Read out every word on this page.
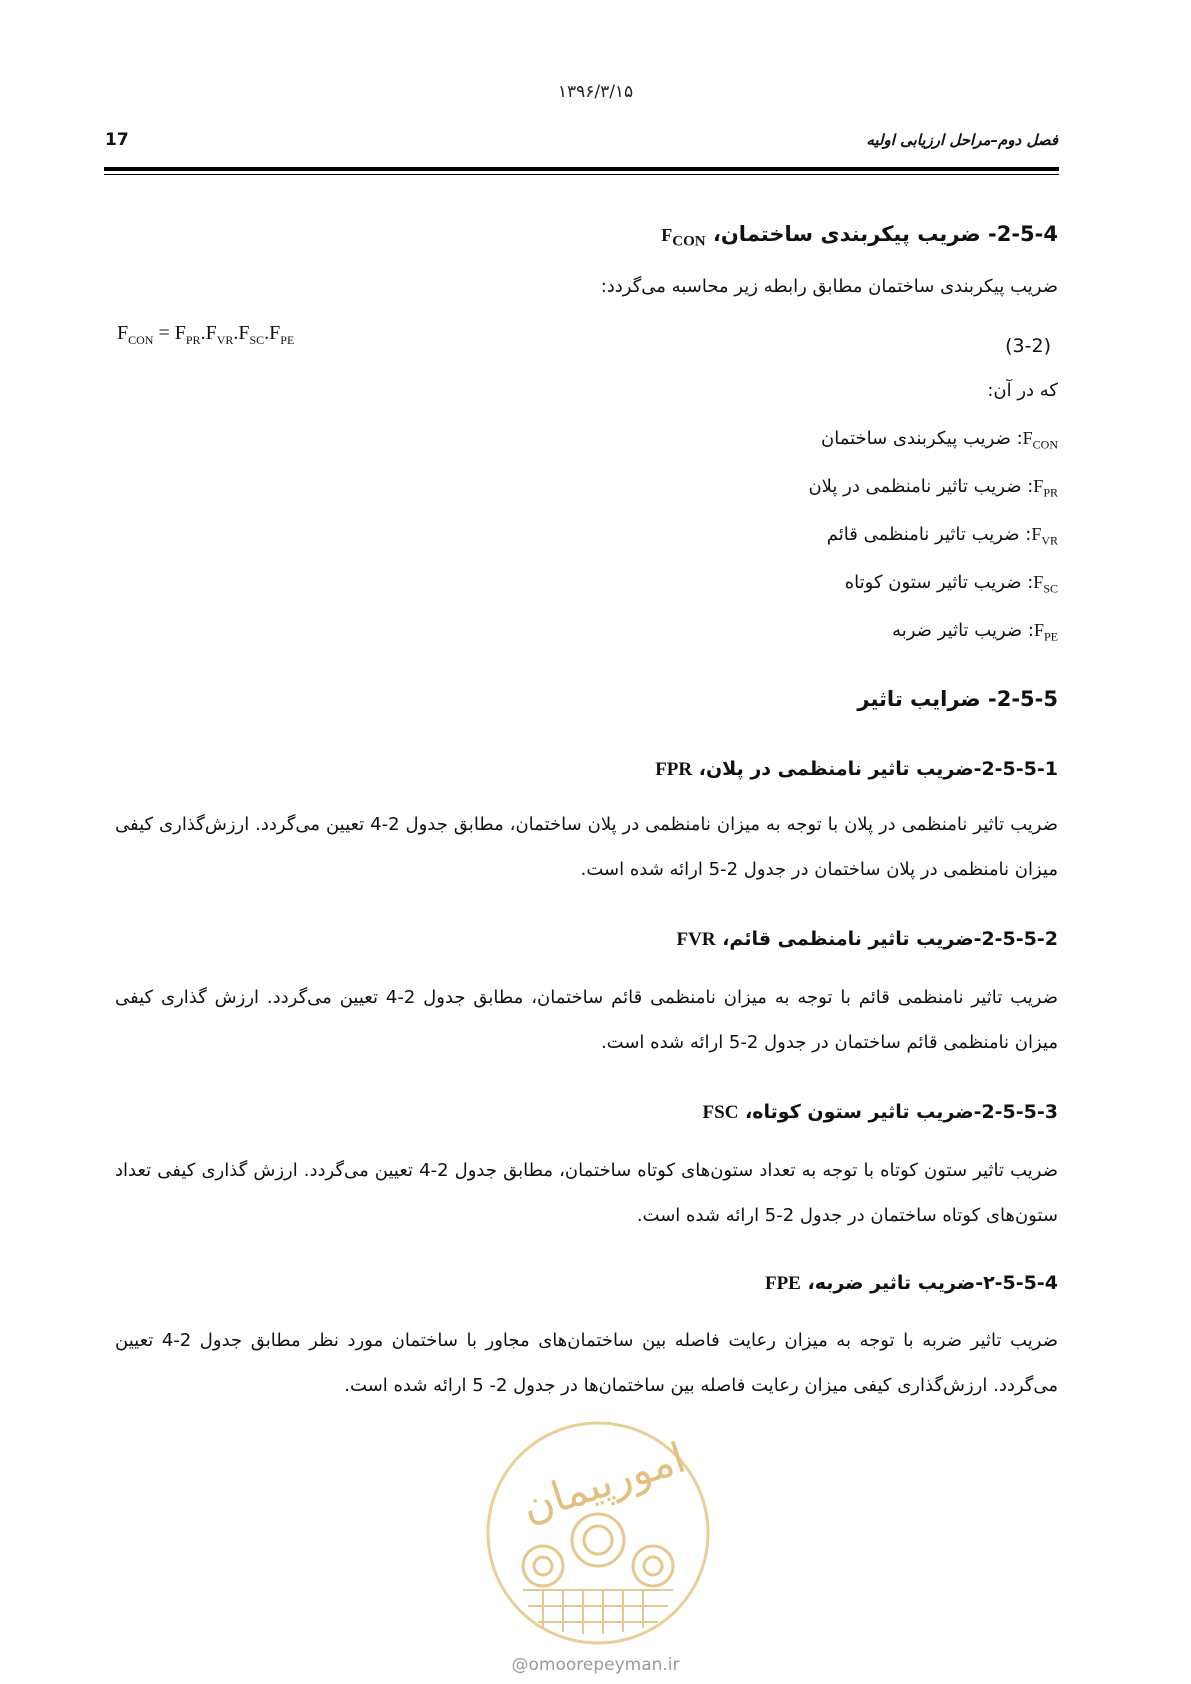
۱۳۹۶/۳/۱۵
17	فصل دوم–مراحل ارزیابی اولیه
2-5-4- ضریب پیکربندی ساختمان، $F_{CON}$
ضریب پیکربندی ساختمان مطابق رابطه زیر محاسبه می‌گردد:
$F_{CON} = F_{PR}.F_{VR}.F_{SC}.F_{PE}$	(3-2)
که در آن:
$F_{CON}$: ضریب پیکربندی ساختمان
$F_{PR}$: ضریب تاثیر نامنظمی در پلان
$F_{VR}$: ضریب تاثیر نامنظمی قائم
$F_{SC}$: ضریب تاثیر ستون کوتاه
$F_{PE}$: ضریب تاثیر ضربه
2-5-5- ضرایب تاثیر
2-5-5-1-ضریب تاثیر نامنظمی در پلان، FPR
ضریب تاثیر نامنظمی در پلان با توجه به میزان نامنظمی در پلان ساختمان، مطابق جدول 2-4 تعیین می‌گردد. ارزش‌گذاری کیفی میزان نامنظمی در پلان ساختمان در جدول 2-5 ارائه شده است.
2-5-5-2-ضریب تاثیر نامنظمی قائم، FVR
ضریب تاثیر نامنظمی قائم با توجه به میزان نامنظمی قائم ساختمان، مطابق جدول 2-4 تعیین می‌گردد. ارزش گذاری کیفی میزان نامنظمی قائم ساختمان در جدول 2-5 ارائه شده است.
2-5-5-3-ضریب تاثیر ستون کوتاه، FSC
ضریب تاثیر ستون کوتاه با توجه به تعداد ستون‌های کوتاه ساختمان، مطابق جدول 2-4 تعیین می‌گردد. ارزش گذاری کیفی تعداد ستون‌های کوتاه ساختمان در جدول 2-5 ارائه شده است.
۲-5-5-4-ضریب تاثیر ضربه، FPE
ضریب تاثیر ضربه با توجه به میزان رعایت فاصله بین ساختمان‌های مجاور با ساختمان مورد نظر مطابق جدول 2-4 تعیین می‌گردد. ارزش‌گذاری کیفی میزان رعایت فاصله بین ساختمان‌ها در جدول 2- 5 ارائه شده است.
امورپیمان
@omoorepeyman.ir
